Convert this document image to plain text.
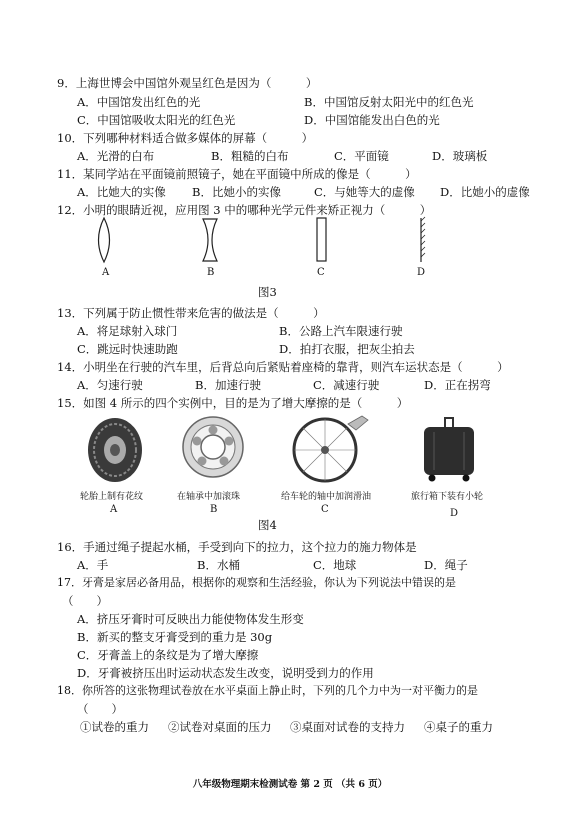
9．上海世博会中国馆外观呈红色是因为（　　　）
A．中国馆发出红色的光	B．中国馆反射太阳光中的红色光
C．中国馆吸收太阳光的红色光	D．中国馆能发出白色的光
10．下列哪种材料适合做多媒体的屏幕（　　　）
A．光滑的白布	B．粗糙的白布	C．平面镜	D．玻璃板
11．某同学站在平面镜前照镜子，她在平面镜中所成的像是（　　　）
A．比她大的实像 B．比她小的实像	C．与她等大的虚像 D．比她小的虚像
12．小明的眼睛近视，应用图 3 中的哪种光学元件来矫正视力（　　　）
A	B	C	D
图3
13．下列属于防止惯性带来危害的做法是（　　　）
A．将足球射入球门	B．公路上汽车限速行驶
C．跳远时快速助跑	D．拍打衣服，把灰尘拍去
14．小明坐在行驶的汽车里，后背总向后紧贴着座椅的靠背，则汽车运状态是（　　　）
A．匀速行驶	B．加速行驶	C．减速行驶	D．正在拐弯
15．如图 4 所示的四个实例中，目的是为了增大摩擦的是（　　　）
轮胎上制有花纹	在轴承中加滚珠	给车轮的轴中加润滑油	旅行箱下装有小轮
A	B	C	D
图4
16．手通过绳子提起水桶，手受到向下的拉力，这个拉力的施力物体是
A．手	B．水桶	C．地球	D．绳子
17．牙膏是家居必备用品，根据你的观察和生活经验，你认为下列说法中错误的是
（　　）
A．挤压牙膏时可反映出力能使物体发生形变
B．新买的整支牙膏受到的重力是 30g
C．牙膏盖上的条纹是为了增大摩擦
D．牙膏被挤压出时运动状态发生改变，说明受到力的作用
18．你所答的这张物理试卷放在水平桌面上静止时，下列的几个力中为一对平衡力的是
（　　）
①试卷的重力 ②试卷对桌面的压力 ③桌面对试卷的支持力 ④桌子的重力
八年级物理期末检测试卷 第 2 页 （共 6 页）
